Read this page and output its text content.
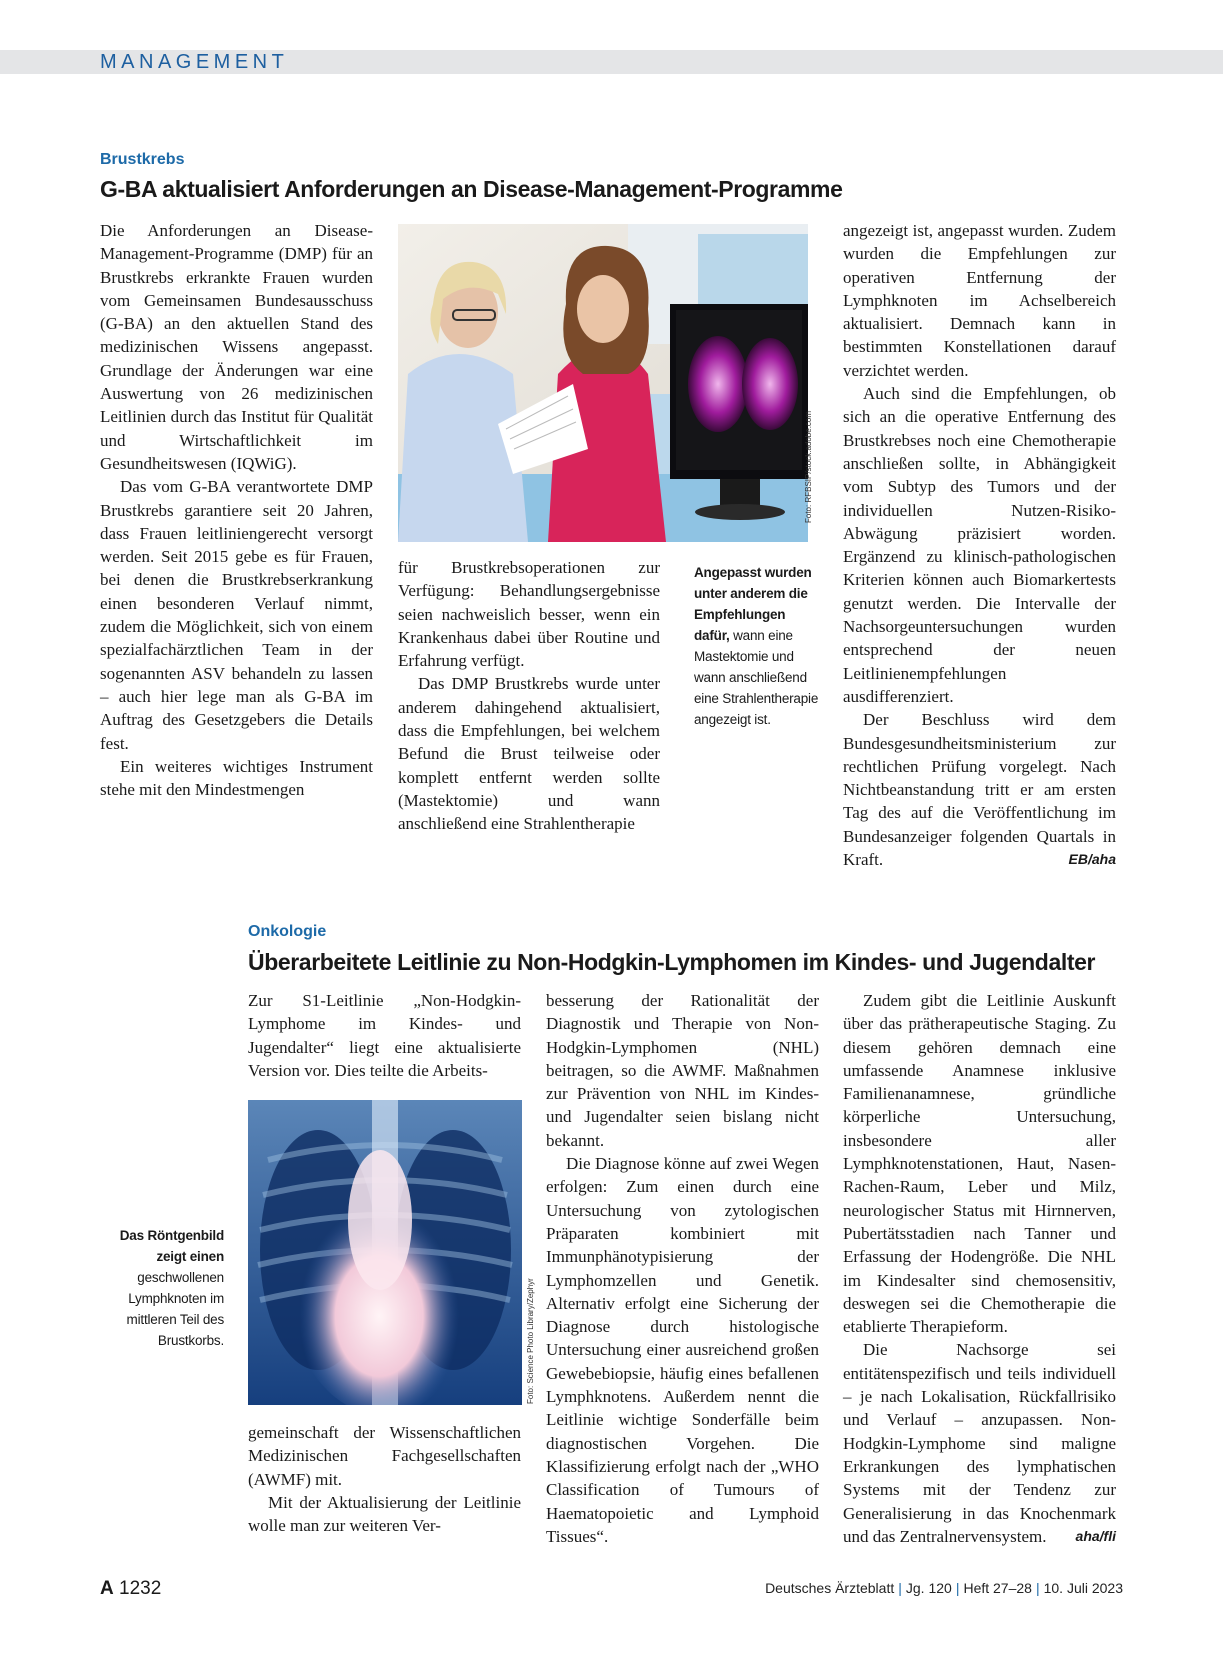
MANAGEMENT
Brustkrebs
G-BA aktualisiert Anforderungen an Disease-Management-Programme

Die Anforderungen an Disease-Management-Programme (DMP) für an Brustkrebs erkrankte Frauen wurden vom Gemeinsamen Bundesausschuss (G-BA) an den aktuellen Stand des medizinischen Wissens angepasst. Grundlage der Änderungen war eine Auswertung von 26 medizinischen Leitlinien durch das Institut für Qualität und Wirtschaftlichkeit im Gesundheitswesen (IQWiG).

Das vom G-BA verantwortete DMP Brustkrebs garantiere seit 20 Jahren, dass Frauen leitliniengerecht versorgt werden. Seit 2015 gebe es für Frauen, bei denen die Brustkrebserkrankung einen besonderen Verlauf nimmt, zudem die Möglichkeit, sich von einem spezialfachärztlichen Team in der sogenannten ASV behandeln zu lassen – auch hier lege man als G-BA im Auftrag des Gesetzgebers die Details fest.

Ein weiteres wichtiges Instrument stehe mit den Mindestmengen

Foto: RFBSIP/stock.adobe.com

für Brustkrebsoperationen zur Verfügung: Behandlungsergebnisse seien nachweislich besser, wenn ein Krankenhaus dabei über Routine und Erfahrung verfügt.

Das DMP Brustkrebs wurde unter anderem dahingehend aktualisiert, dass die Empfehlungen, bei welchem Befund die Brust teilweise oder komplett entfernt werden sollte (Mastektomie) und wann anschließend eine Strahlentherapie

Angepasst wurden unter anderem die Empfehlungen dafür, wann eine Mastektomie und wann anschließend eine Strahlentherapie angezeigt ist.

angezeigt ist, angepasst wurden. Zudem wurden die Empfehlungen zur operativen Entfernung der Lymphknoten im Achselbereich aktualisiert. Demnach kann in bestimmten Konstellationen darauf verzichtet werden.

Auch sind die Empfehlungen, ob sich an die operative Entfernung des Brustkrebses noch eine Chemotherapie anschließen sollte, in Abhängigkeit vom Subtyp des Tumors und der individuellen Nutzen-Risiko-Abwägung präzisiert worden. Ergänzend zu klinisch-pathologischen Kriterien können auch Biomarkertests genutzt werden. Die Intervalle der Nachsorgeuntersuchungen wurden entsprechend der neuen Leitlinienempfehlungen ausdifferenziert.

Der Beschluss wird dem Bundesgesundheitsministerium zur rechtlichen Prüfung vorgelegt. Nach Nichtbeanstandung tritt er am ersten Tag des auf die Veröffentlichung im Bundesanzeiger folgenden Quartals in Kraft.	EB/aha

Onkologie
Überarbeitete Leitlinie zu Non-Hodgkin-Lymphomen im Kindes- und Jugendalter
Das Röntgenbild zeigt einen
geschwollenen Lymphknoten im mittleren Teil des Brustkorbs.

Zur S1-Leitlinie „Non-Hodgkin-Lymphome im Kindes- und Jugendalter“ liegt eine aktualisierte Version vor. Dies teilte die Arbeits-

Foto: Science Photo Library/Zephyr

gemeinschaft der Wissenschaftlichen Medizinischen Fachgesellschaften (AWMF) mit.

Mit der Aktualisierung der Leitlinie wolle man zur weiteren Ver-

besserung der Rationalität der Diagnostik und Therapie von Non-Hodgkin-Lymphomen (NHL) beitragen, so die AWMF. Maßnahmen zur Prävention von NHL im Kindes- und Jugendalter seien bislang nicht bekannt.

Die Diagnose könne auf zwei Wegen erfolgen: Zum einen durch eine Untersuchung von zytologischen Präparaten kombiniert mit Immunphänotypisierung der Lymphomzellen und Genetik. Alternativ erfolgt eine Sicherung der Diagnose durch histologische Untersuchung einer ausreichend großen Gewebebiopsie, häufig eines befallenen Lymphknotens. Außerdem nennt die Leitlinie wichtige Sonderfälle beim diagnostischen Vorgehen. Die Klassifizierung erfolgt nach der „WHO Classification of Tumours of Haematopoietic and Lymphoid Tissues“.

Zudem gibt die Leitlinie Auskunft über das prätherapeutische Staging. Zu diesem gehören demnach eine umfassende Anamnese inklusive Familienanamnese, gründliche körperliche Untersuchung, insbesondere aller Lymphknotenstationen, Haut, Nasen-Rachen-Raum, Leber und Milz, neurologischer Status mit Hirnnerven, Pubertätsstadien nach Tanner und Erfassung der Hodengröße. Die NHL im Kindesalter sind chemosensitiv, deswegen sei die Chemotherapie die etablierte Therapieform.

Die Nachsorge sei entitätenspezifisch und teils individuell – je nach Lokalisation, Rückfallrisiko und Verlauf – anzupassen. Non-Hodgkin-Lymphome sind maligne Erkrankungen des lymphatischen Systems mit der Tendenz zur Generalisierung in das Knochenmark und das Zentralnervensystem.	aha/fli

A 1232	Deutsches Ärzteblatt | Jg. 120 | Heft 27–28 | 10. Juli 2023
